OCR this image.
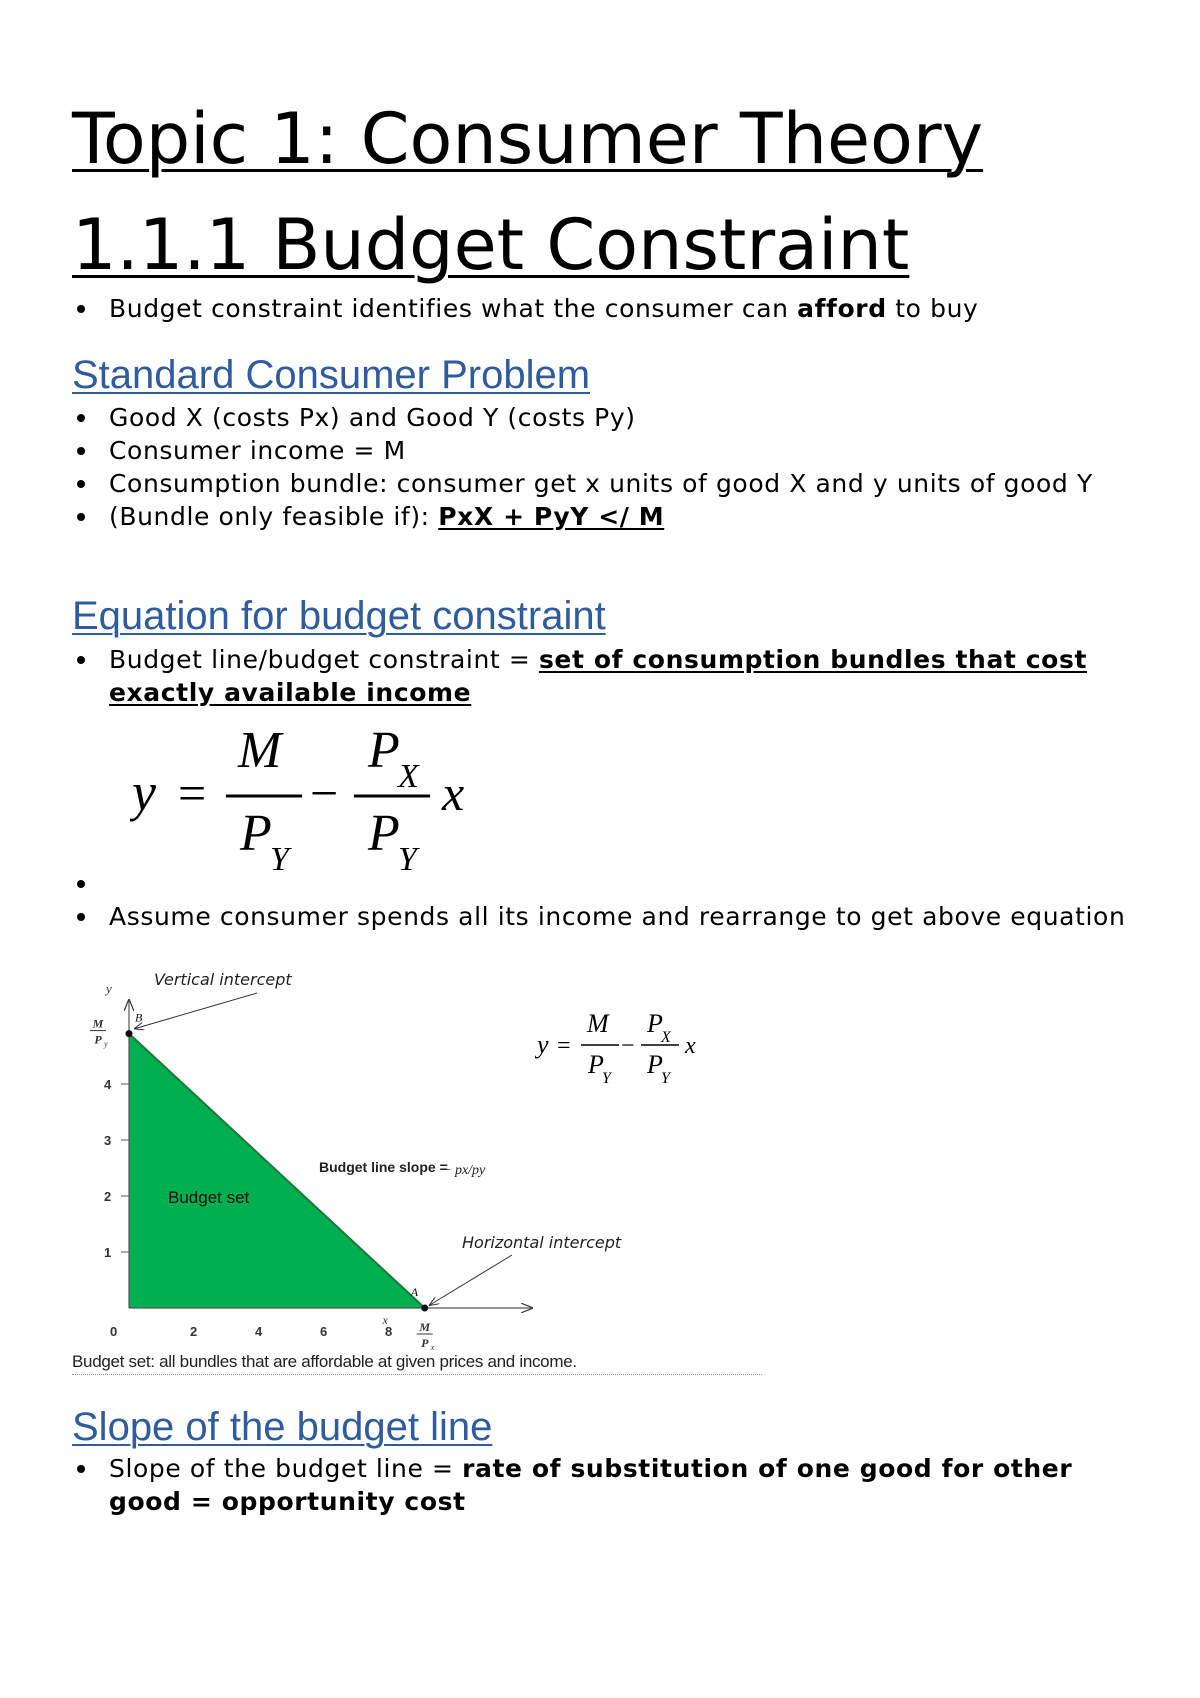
Topic 1: Consumer Theory
1.1.1 Budget Constraint
Budget constraint identifies what the consumer can afford to buy
Standard Consumer Problem
Good X (costs Px) and Good Y (costs Py)
Consumer income = M
Consumption bundle: consumer get x units of good X and y units of good Y
(Bundle only feasible if): PxX + PyY </ M
Equation for budget constraint
Budget line/budget constraint = set of consumption bundles that cost exactly available income
y =
M
P
Y
−
P
X
P
Y
x

Assume consumer spends all its income and rearrange to get above equation
1
2
3
4
0	2	4	6	8
y
x
M
P y
M
P x
B
A
Vertical intercept
Horizontal intercept
Budget line slope =
− px/py
Budget set
y =
M
P
Y
−
P
X
P
Y
x
Budget set: all bundles that are affordable at given prices and income.
Slope of the budget line
Slope of the budget line = rate of substitution of one good for other good = opportunity cost
